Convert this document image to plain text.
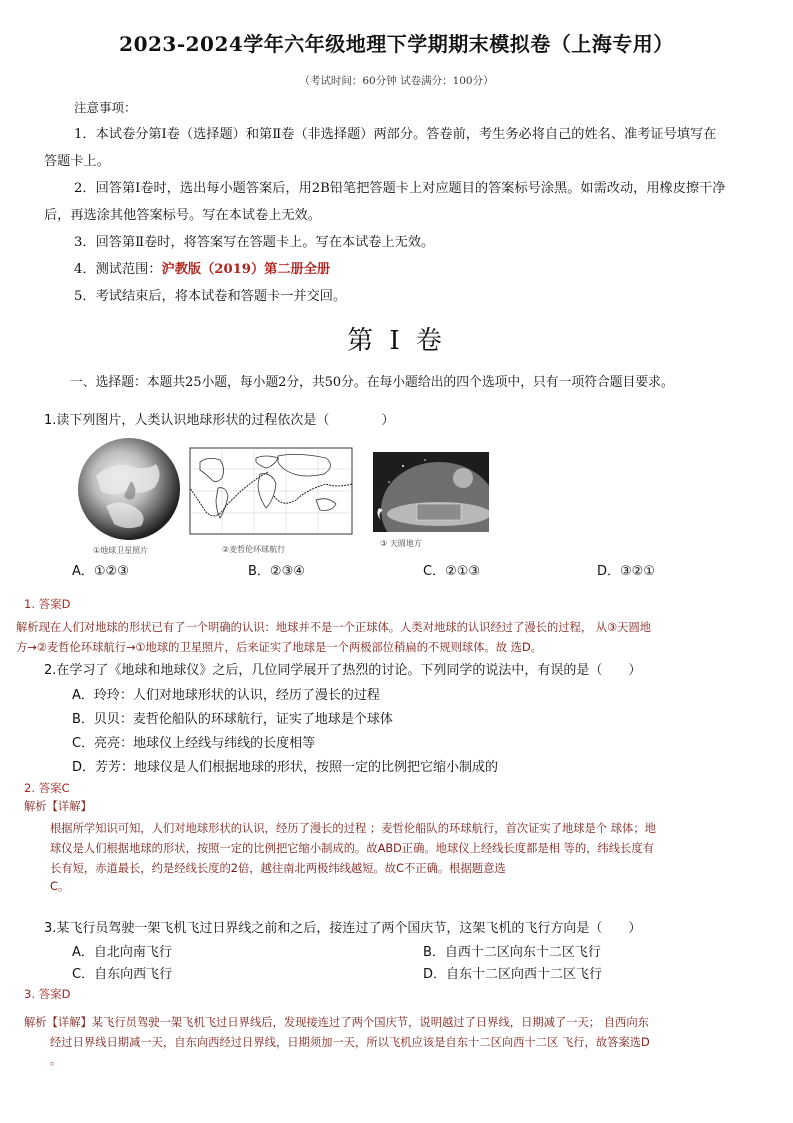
2023-2024学年六年级地理下学期期末模拟卷（上海专用）
（考试时间：60分钟 试卷满分：100分）
注意事项：
1．本试卷分第Ⅰ卷（选择题）和第Ⅱ卷（非选择题）两部分。答卷前，考生务必将自己的姓名、准考证号填写在
答题卡上。
2．回答第Ⅰ卷时，选出每小题答案后，用2B铅笔把答题卡上对应题目的答案标号涂黑。如需改动，用橡皮擦干净
后，再选涂其他答案标号。写在本试卷上无效。
3．回答第Ⅱ卷时，将答案写在答题卡上。写在本试卷上无效。
4．测试范围：沪教版（2019）第二册全册
5．考试结束后，将本试卷和答题卡一并交回。
第 I 卷
一、选择题：本题共25小题，每小题2分，共50分。在每小题给出的四个选项中，只有一项符合题目要求。
1.读下列图片，人类认识地球形状的过程依次是（　　　　）
①地球卫星照片	②麦哲伦环球航行
③ 天圆地方
A．①②③	B．②③④	C．②①③	D．③②①
1. 答案D
解析现在人们对地球的形状已有了一个明确的认识：地球并不是一个正球体。人类对地球的认识经过了漫长的过程， 从③天圆地
方→②麦哲伦环球航行→①地球的卫星照片，后来证实了地球是一个两极部位稍扁的不规则球体。故 选D。
2.在学习了《地球和地球仪》之后，几位同学展开了热烈的讨论。下列同学的说法中，有误的是（　　）
A．玲玲：人们对地球形状的认识，经历了漫长的过程
B．贝贝：麦哲伦船队的环球航行，证实了地球是个球体
C．亮亮：地球仪上经线与纬线的长度相等
D．芳芳：地球仪是人们根据地球的形状，按照一定的比例把它缩小制成的
2. 答案C
解析【详解】
根据所学知识可知，人们对地球形状的认识，经历了漫长的过程 ；麦哲伦船队的环球航行，首次证实了地球是个 球体；地
球仪是人们根据地球的形状，按照一定的比例把它缩小制成的。故ABD正确。地球仪上经线长度都是相 等的，纬线长度有
长有短，赤道最长，约是经线长度的2倍，越往南北两极纬线越短。故C不正确。根据题意选
C。
3.某飞行员驾驶一架飞机飞过日界线之前和之后，接连过了两个国庆节，这架飞机的飞行方向是（　　）
A．自北向南飞行	B．自西十二区向东十二区飞行
C．自东向西飞行	D．自东十二区向西十二区飞行
3. 答案D
解析【详解】某飞行员驾驶一架飞机飞过日界线后，发现接连过了两个国庆节，说明越过了日界线，日期减了一天； 自西向东
经过日界线日期减一天，自东向西经过日界线，日期须加一天，所以飞机应该是自东十二区向西十二区 飞行，故答案选D
。
